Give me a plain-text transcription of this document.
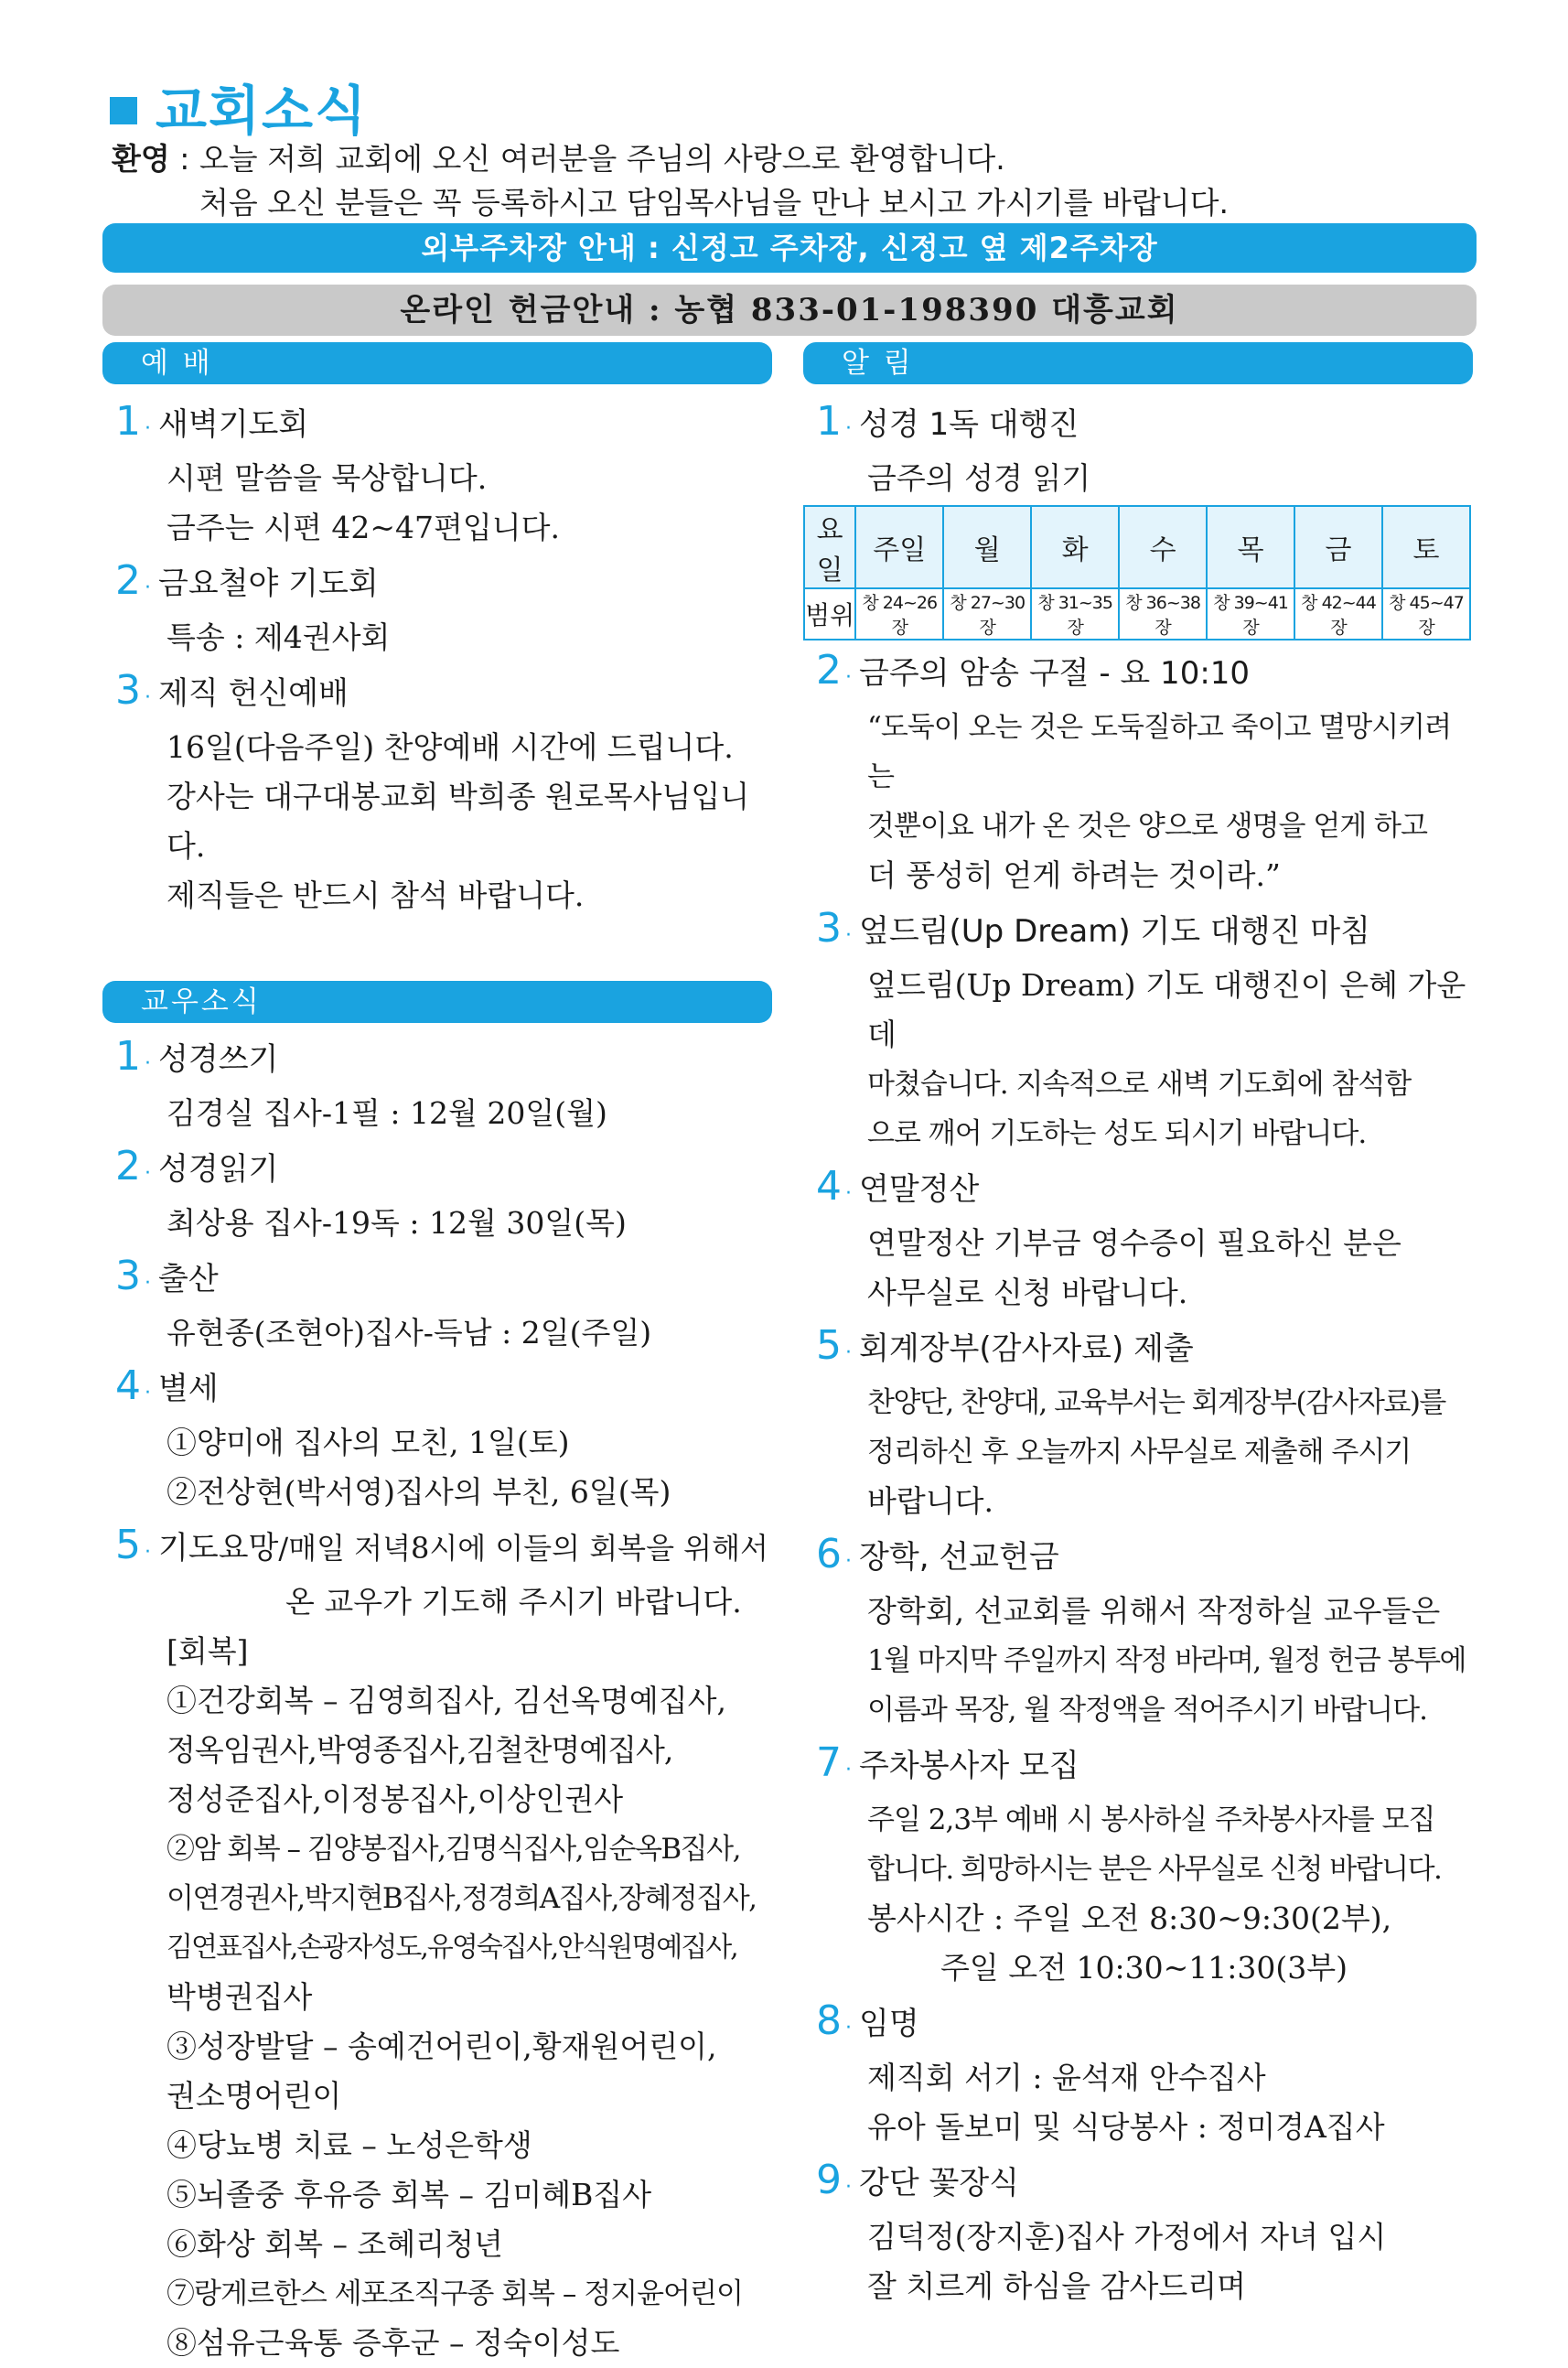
교회소식
환영 : 오늘 저희 교회에 오신 여러분을 주님의 사랑으로 환영합니다.
처음 오신 분들은 꼭 등록하시고 담임목사님을 만나 보시고 가시기를 바랍니다.
외부주차장 안내 : 신정고 주차장, 신정고 옆 제2주차장
온라인 헌금안내 : 농협 833-01-198390 대흥교회
예 배
1 · 새벽기도회
시편 말씀을 묵상합니다.
금주는 시편 42~47편입니다.
2 · 금요철야 기도회
특송 : 제4권사회
3 · 제직 헌신예배
16일(다음주일) 찬양예배 시간에 드립니다.
강사는 대구대봉교회 박희종 원로목사님입니다.
제직들은 반드시 참석 바랍니다.
교우소식
1 · 성경쓰기
김경실 집사-1필 : 12월 20일(월)
2 · 성경읽기
최상용 집사-19독 : 12월 30일(목)
3 · 출산
유현종(조현아)집사-득남 : 2일(주일)
4 · 별세
①양미애 집사의 모친, 1일(토)
②전상현(박서영)집사의 부친, 6일(목)
5 · 기도요망/매일 저녁8시에 이들의 회복을 위해서
온 교우가 기도해 주시기 바랍니다.
[회복]
①건강회복 – 김영희집사, 김선옥명예집사,
정옥임권사,박영종집사,김철찬명예집사,
정성준집사,이정봉집사,이상인권사
②암 회복 – 김양봉집사,김명식집사,임순옥B집사,
이연경권사,박지현B집사,정경희A집사,장혜정집사,
김연표집사,손광자성도,유영숙집사,안식원명예집사,
박병권집사
③성장발달 – 송예건어린이,황재원어린이,
권소명어린이
④당뇨병 치료 – 노성은학생
⑤뇌졸중 후유증 회복 – 김미혜B집사
⑥화상 회복 – 조혜리청년
⑦랑게르한스 세포조직구종 회복 – 정지윤어린이
⑧섬유근육통 증후군 – 정숙이성도
알 림
1 · 성경 1독 대행진
금주의 성경 읽기
요일	주일	월	화	수	목	금	토
범위	창 24~26장	창 27~30장	창 31~35장	창 36~38장	창 39~41장	창 42~44장	창 45~47장
2 · 금주의 암송 구절 - 요 10:10
“도둑이 오는 것은 도둑질하고 죽이고 멸망시키려는
것뿐이요 내가 온 것은 양으로 생명을 얻게 하고
더 풍성히 얻게 하려는 것이라.”
3 · 엎드림(Up Dream) 기도 대행진 마침
엎드림(Up Dream) 기도 대행진이 은혜 가운데
마쳤습니다. 지속적으로 새벽 기도회에 참석함
으로 깨어 기도하는 성도 되시기 바랍니다.
4 · 연말정산
연말정산 기부금 영수증이 필요하신 분은
사무실로 신청 바랍니다.
5 · 회계장부(감사자료) 제출
찬양단, 찬양대, 교육부서는 회계장부(감사자료)를
정리하신 후 오늘까지 사무실로 제출해 주시기
바랍니다.
6 · 장학, 선교헌금
장학회, 선교회를 위해서 작정하실 교우들은
1월 마지막 주일까지 작정 바라며, 월정 헌금 봉투에
이름과 목장, 월 작정액을 적어주시기 바랍니다.
7 · 주차봉사자 모집
주일 2,3부 예배 시 봉사하실 주차봉사자를 모집
합니다. 희망하시는 분은 사무실로 신청 바랍니다.
봉사시간 : 주일 오전 8:30~9:30(2부),
주일 오전 10:30~11:30(3부)
8 · 임명
제직회 서기 : 윤석재 안수집사
유아 돌보미 및 식당봉사 : 정미경A집사
9 · 강단 꽃장식
김덕정(장지훈)집사 가정에서 자녀 입시
잘 치르게 하심을 감사드리며
